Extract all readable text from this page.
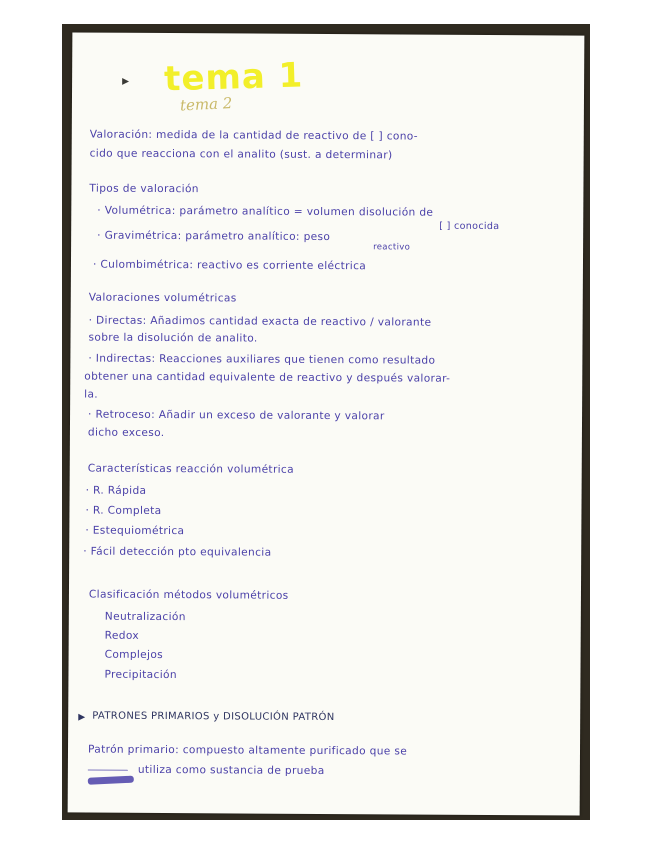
▶ tema 1
tema 2

Valoración: medida de la cantidad de reactivo de [ ] cono-

cido que reacciona con el analito (sust. a determinar)

Tipos de valoración

· Volumétrica: parámetro analítico = volumen disolución de

[ ] conocida

· Gravimétrica: parámetro analítico: peso

reactivo

· Culombimétrica: reactivo es corriente eléctrica

Valoraciones volumétricas

· Directas: Añadimos cantidad exacta de reactivo / valorante

sobre la disolución de analito.

· Indirectas: Reacciones auxiliares que tienen como resultado

obtener una cantidad equivalente de reactivo y después valorar-

la.

· Retroceso: Añadir un exceso de valorante y valorar

dicho exceso.

Características reacción volumétrica

· R. Rápida

· R. Completa

· Estequiométrica

· Fácil detección pto equivalencia

Clasificación métodos volumétricos

Neutralización

Redox

Complejos

Precipitación

▶ PATRONES PRIMARIOS y DISOLUCIÓN PATRÓN

Patrón primario: compuesto altamente purificado que se

utiliza como sustancia de prueba
